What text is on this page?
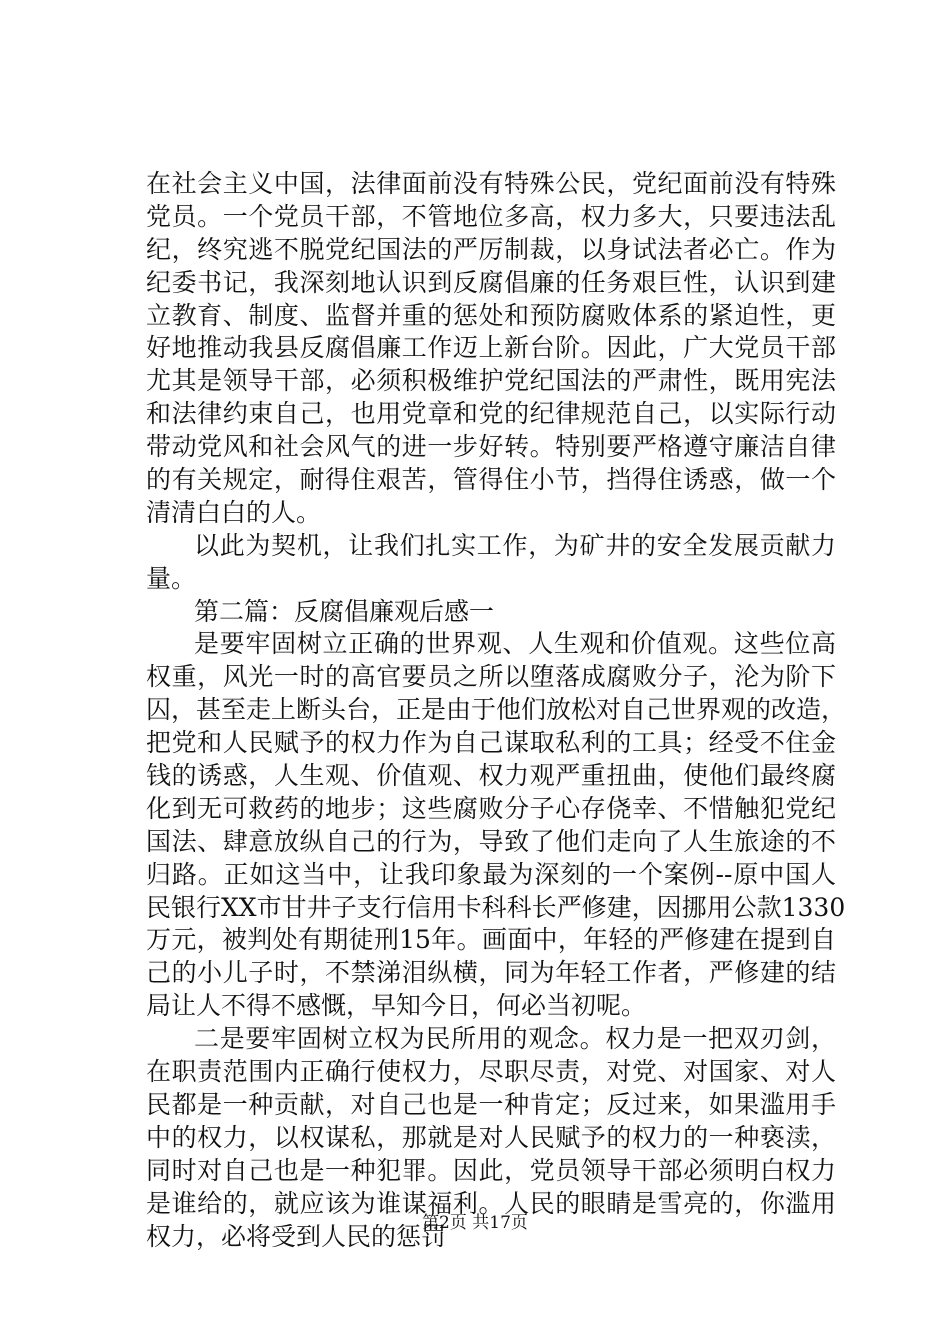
在社会主义中国，法律面前没有特殊公民，党纪面前没有特殊
党员。一个党员干部，不管地位多高，权力多大，只要违法乱
纪，终究逃不脱党纪国法的严厉制裁，以身试法者必亡。作为
纪委书记，我深刻地认识到反腐倡廉的任务艰巨性，认识到建
立教育、制度、监督并重的惩处和预防腐败体系的紧迫性，更
好地推动我县反腐倡廉工作迈上新台阶。因此，广大党员干部
尤其是领导干部，必须积极维护党纪国法的严肃性，既用宪法
和法律约束自己，也用党章和党的纪律规范自己，以实际行动
带动党风和社会风气的进一步好转。特别要严格遵守廉洁自律
的有关规定，耐得住艰苦，管得住小节，挡得住诱惑，做一个
清清白白的人。
以此为契机，让我们扎实工作，为矿井的安全发展贡献力
量。
第二篇：反腐倡廉观后感一
是要牢固树立正确的世界观、人生观和价值观。这些位高
权重，风光一时的高官要员之所以堕落成腐败分子，沦为阶下
囚，甚至走上断头台，正是由于他们放松对自己世界观的改造，
把党和人民赋予的权力作为自己谋取私利的工具；经受不住金
钱的诱惑，人生观、价值观、权力观严重扭曲，使他们最终腐
化到无可救药的地步；这些腐败分子心存侥幸、不惜触犯党纪
国法、肆意放纵自己的行为，导致了他们走向了人生旅途的不
归路。正如这当中，让我印象最为深刻的一个案例--原中国人
民银行XX市甘井子支行信用卡科科长严修建，因挪用公款1330
万元，被判处有期徒刑15年。画面中，年轻的严修建在提到自
己的小儿子时，不禁涕泪纵横，同为年轻工作者，严修建的结
局让人不得不感慨，早知今日，何必当初呢。
二是要牢固树立权为民所用的观念。权力是一把双刃剑，
在职责范围内正确行使权力，尽职尽责，对党、对国家、对人
民都是一种贡献，对自己也是一种肯定；反过来，如果滥用手
中的权力，以权谋私，那就是对人民赋予的权力的一种亵渎，
同时对自己也是一种犯罪。因此，党员领导干部必须明白权力
是谁给的，就应该为谁谋福利。人民的眼睛是雪亮的，你滥用
权力，必将受到人民的惩罚
第2页 共17页
